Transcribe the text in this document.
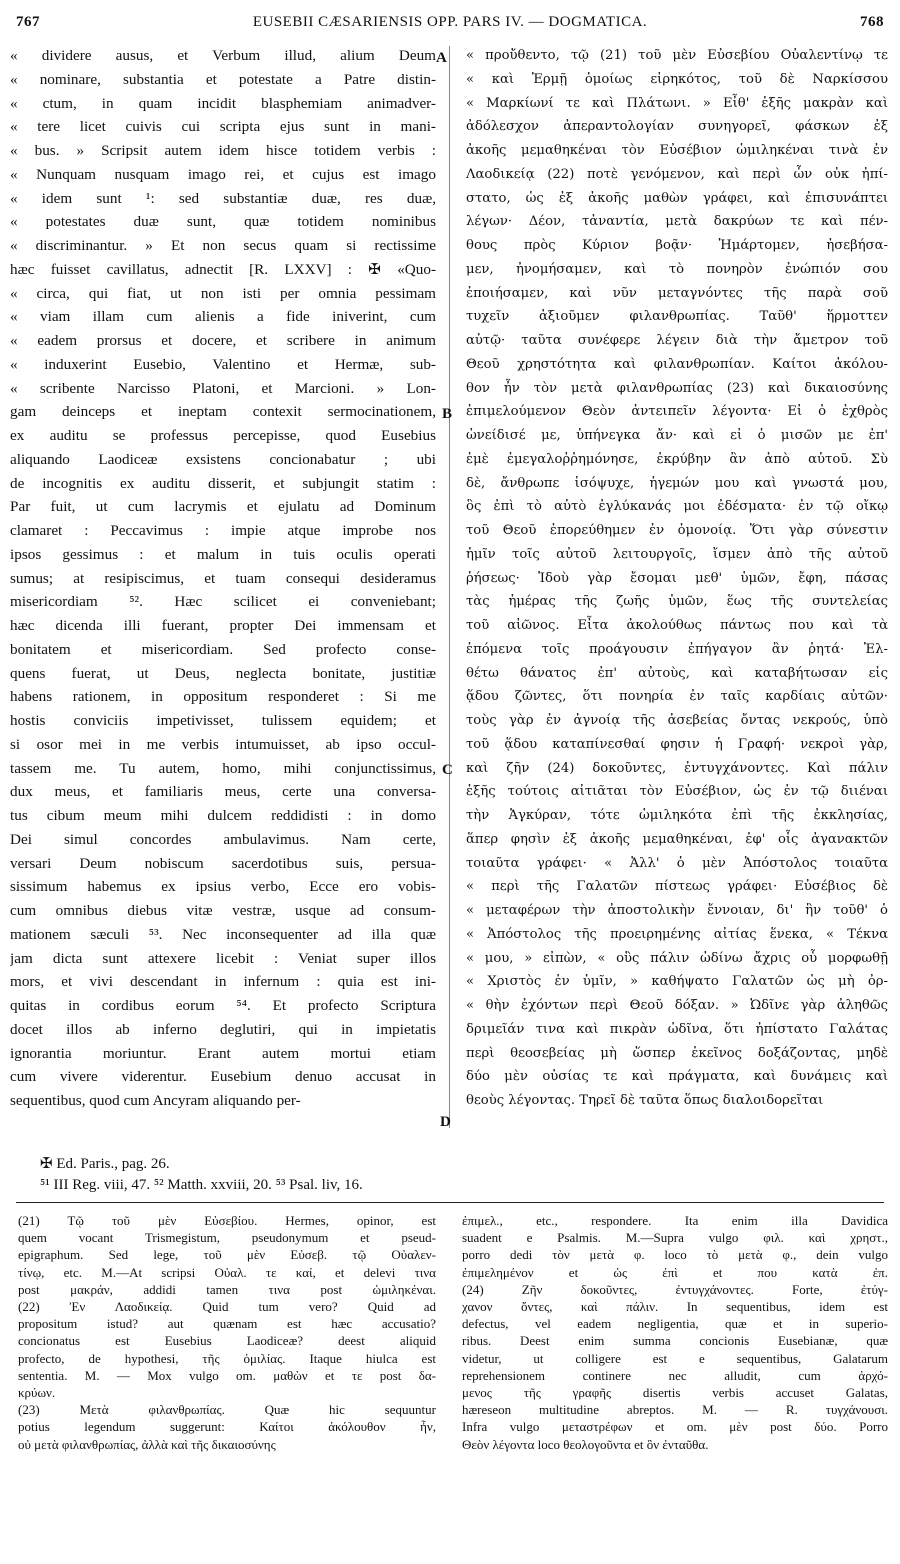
767	EUSEBII CÆSARIENSIS OPP. PARS IV. — DOGMATICA.	768
« dividere ausus, et Verbum illud, alium Deum
« nominare, substantia et potestate a Patre distin-
« ctum, in quam incidit blasphemiam animadver-
« tere licet cuivis cui scripta ejus sunt in mani-
« bus. » Scripsit autem idem hisce totidem verbis :
« Nunquam nusquam imago rei, et cujus est imago
« idem sunt ¹: sed substantiæ duæ, res duæ,
« potestates duæ sunt, quæ totidem nominibus
« discriminantur. » Et non secus quam si rectissime
hæc fuisset cavillatus, adnectit [R. LXXV] : ✠ «Quo-
« circa, qui fiat, ut non isti per omnia pessimam
« viam illam cum alienis a fide iniverint, cum
« eadem prorsus et docere, et scribere in animum
« induxerint Eusebio, Valentino et Hermæ, sub-
« scribente Narcisso Platoni, et Marcioni. » Lon-
gam deinceps et ineptam contexit sermocinationem,
ex auditu se professus percepisse, quod Eusebius
aliquando Laodiceæ exsistens concionabatur ; ubi
de incognitis ex auditu disserit, et subjungit statim :
Par fuit, ut cum lacrymis et ejulatu ad Dominum
clamaret : Peccavimus : impie atque improbe nos
ipsos gessimus : et malum in tuis oculis operati
sumus; at resipiscimus, et tuam consequi desideramus
misericordiam ⁵². Hæc scilicet ei conveniebant;
hæc dicenda illi fuerant, propter Dei immensam et
bonitatem et misericordiam. Sed profecto conse-
quens fuerat, ut Deus, neglecta bonitate, justitiæ
habens rationem, in oppositum responderet : Si me
hostis conviciis impetivisset, tulissem equidem; et
si osor mei in me verbis intumuisset, ab ipso occul-
tassem me. Tu autem, homo, mihi conjunctissimus,
dux meus, et familiaris meus, certe una conversa-
tus cibum meum mihi dulcem reddidisti : in domo
Dei simul concordes ambulavimus. Nam certe,
versari Deum nobiscum sacerdotibus suis, persua-
sissimum habemus ex ipsius verbo, Ecce ero vobis-
cum omnibus diebus vitæ vestræ, usque ad consum-
mationem sæculi ⁵³. Nec inconsequenter ad illa quæ
jam dicta sunt attexere licebit : Veniat super illos
mors, et vivi descendant in infernum : quia est ini-
quitas in cordibus eorum ⁵⁴. Et profecto Scriptura
docet illos ab inferno deglutiri, qui in impietatis
ignorantia moriuntur. Erant autem mortui etiam
cum vivere viderentur. Eusebium denuo accusat in
sequentibus, quod cum Ancyram aliquando per-
« προὔθεντο, τῷ (21) τοῦ μὲν Εὐσεβίου Οὐαλεντίνῳ τε
« καὶ Ἑρμῇ ὁμοίως εἰρηκότος, τοῦ δὲ Ναρκίσσου
« Μαρκίωνί τε καὶ Πλάτωνι. » Εἶθ' ἑξῆς μακρὰν καὶ
ἀδόλεσχον ἀπεραντολογίαν συνηγορεῖ, φάσκων ἐξ
ἀκοῆς μεμαθηκέναι τὸν Εὐσέβιον ὡμιληκέναι τινὰ ἐν
Λαοδικείᾳ (22) ποτὲ γενόμενον, καὶ περὶ ὧν οὐκ ἠπί-
στατο, ὡς ἐξ ἀκοῆς μαθὼν γράφει, καὶ ἐπισυνάπτει
λέγων· Δέον, τἀναντία, μετὰ δακρύων τε καὶ πέν-
θους πρὸς Κύριον βοᾷν· Ἡμάρτομεν, ἠσεβήσα-
μεν, ἠνομήσαμεν, καὶ τὸ πονηρὸν ἐνώπιόν σου
ἐποιήσαμεν, καὶ νῦν μεταγνόντες τῆς παρὰ σοῦ
τυχεῖν ἀξιοῦμεν φιλανθρωπίας. Ταῦθ' ἥρμοττεν
αὐτῷ· ταῦτα συνέφερε λέγειν διὰ τὴν ἄμετρον τοῦ
Θεοῦ χρηστότητα καὶ φιλανθρωπίαν. Καίτοι ἀκόλου-
θον ἦν τὸν μετὰ φιλανθρωπίας (23) καὶ δικαιοσύνης
ἐπιμελούμενον Θεὸν ἀντειπεῖν λέγοντα· Εἰ ὁ ἐχθρὸς
ὠνείδισέ με, ὑπήνεγκα ἄν· καὶ εἰ ὁ μισῶν με ἐπ'
ἐμὲ ἐμεγαλοῤῥημόνησε, ἐκρύβην ἂν ἀπὸ αὐτοῦ. Σὺ
δὲ, ἄνθρωπε ἰσόψυχε, ἡγεμών μου καὶ γνωστά μου,
ὃς ἐπὶ τὸ αὐτὸ ἐγλύκανάς μοι ἐδέσματα· ἐν τῷ οἴκῳ
τοῦ Θεοῦ ἐπορεύθημεν ἐν ὁμονοίᾳ. Ὅτι γὰρ σύνεστιν
ἡμῖν τοῖς αὐτοῦ λειτουργοῖς, ἴσμεν ἀπὸ τῆς αὐτοῦ
ῥήσεως· Ἰδοὺ γὰρ ἔσομαι μεθ' ὑμῶν, ἔφη, πάσας
τὰς ἡμέρας τῆς ζωῆς ὑμῶν, ἕως τῆς συντελείας
τοῦ αἰῶνος. Εἶτα ἀκολούθως πάντως που καὶ τὰ
ἑπόμενα τοῖς προάγουσιν ἐπήγαγον ἂν ῥητά· Ἐλ-
θέτω θάνατος ἐπ' αὐτοὺς, καὶ καταβήτωσαν εἰς
ᾅδου ζῶντες, ὅτι πονηρία ἐν ταῖς καρδίαις αὐτῶν·
τοὺς γὰρ ἐν ἀγνοίᾳ τῆς ἀσεβείας ὄντας νεκρούς, ὑπὸ
τοῦ ᾅδου καταπίνεσθαί φησιν ἡ Γραφή· νεκροὶ γὰρ,
καὶ ζῆν (24) δοκοῦντες, ἐντυγχάνοντες. Καὶ πάλιν
ἑξῆς τούτοις αἰτιᾶται τὸν Εὐσέβιον, ὡς ἐν τῷ διιέναι
τὴν Ἀγκύραν, τότε ὡμιληκότα ἐπὶ τῆς ἐκκλησίας,
ἅπερ φησὶν ἐξ ἀκοῆς μεμαθηκέναι, ἐφ' οἷς ἀγανακτῶν
τοιαῦτα γράφει· « Ἀλλ' ὁ μὲν Ἀπόστολος τοιαῦτα
« περὶ τῆς Γαλατῶν πίστεως γράφει· Εὐσέβιος δὲ
« μεταφέρων τὴν ἀποστολικὴν ἔννοιαν, δι' ἣν τοῦθ' ὁ
« Ἀπόστολος τῆς προειρημένης αἰτίας ἕνεκα, « Τέκνα
« μου, » εἰπὼν, « οὓς πάλιν ὠδίνω ἄχρις οὗ μορφωθῇ
« Χριστὸς ἐν ὑμῖν, » καθήψατο Γαλατῶν ὡς μὴ ὀρ-
« θὴν ἐχόντων περὶ Θεοῦ δόξαν. » Ὠδῖνε γὰρ ἀληθῶς
δριμεῖάν τινα καὶ πικρὰν ὠδῖνα, ὅτι ἠπίστατο Γαλάτας
περὶ θεοσεβείας μὴ ὥσπερ ἐκεῖνος δοξάζοντας, μηδὲ
δύο μὲν οὐσίας τε καὶ πράγματα, καὶ δυνάμεις καὶ
θεοὺς λέγοντας. Τηρεῖ δὲ ταῦτα ὅπως διαλοιδορεῖται
A
B
C
D
✠ Ed. Paris., pag. 26.
⁵¹ III Reg. viii, 47. ⁵² Matth. xxviii, 20. ⁵³ Psal. liv, 16.
(21) Τῷ τοῦ μὲν Εὐσεβίου. Hermes, opinor, est
quem vocant Trismegistum, pseudonymum et pseud-
epigraphum. Sed lege, τοῦ μὲν Εὐσεβ. τῷ Οὐαλεν-
τίνῳ, etc. M.—At scripsi Οὐαλ. τε καί, et delevi τινα
post μακράν, addidi tamen τινα post ὡμιληκέναι.
(22) Ἐν Λαοδικείᾳ. Quid tum vero? Quid ad
propositum istud? aut quænam est hæc accusatio?
concionatus est Eusebius Laodiceæ? deest aliquid
profecto, de hypothesi, τῆς ὁμιλίας. Itaque hiulca est
sententia. M. — Mox vulgo om. μαθὼν et τε post δα-
κρύων.
(23) Μετὰ φιλανθρωπίας. Quæ hic sequuntur
potius legendum suggerunt: Καίτοι ἀκόλουθον ἦν,
οὐ μετὰ φιλανθρωπίας, ἀλλὰ καὶ τῆς δικαιοσύνης
ἐπιμελ., etc., respondere. Ita enim illa Davidica
suadent e Psalmis. M.—Supra vulgo φιλ. καὶ χρηστ.,
porro dedi τὸν μετὰ φ. loco τὸ μετὰ φ., dein vulgo
ἐπιμελημένον et ὡς ἐπὶ et που κατὰ ἐπ.
(24) Ζῆν δοκοῦντες, ἐντυγχάνοντες. Forte, ἐτύγ-
χανον ὄντες, καὶ πάλιν. In sequentibus, idem est
defectus, vel eadem negligentia, quæ et in superio-
ribus. Deest enim summa concionis Eusebianæ, quæ
videtur, ut colligere est e sequentibus, Galatarum
reprehensionem continere nec alludit, cum ἀρχό-
μενος τῆς γραφῆς disertis verbis accuset Galatas,
hæreseon multitudine abreptos. M. — R. τυγχάνουσι.
Infra vulgo μεταστρέφων et om. μὲν post δύο. Porro
Θεὸν λέγοντα loco θεολογοῦντα et ὃν ἐνταῦθα.
